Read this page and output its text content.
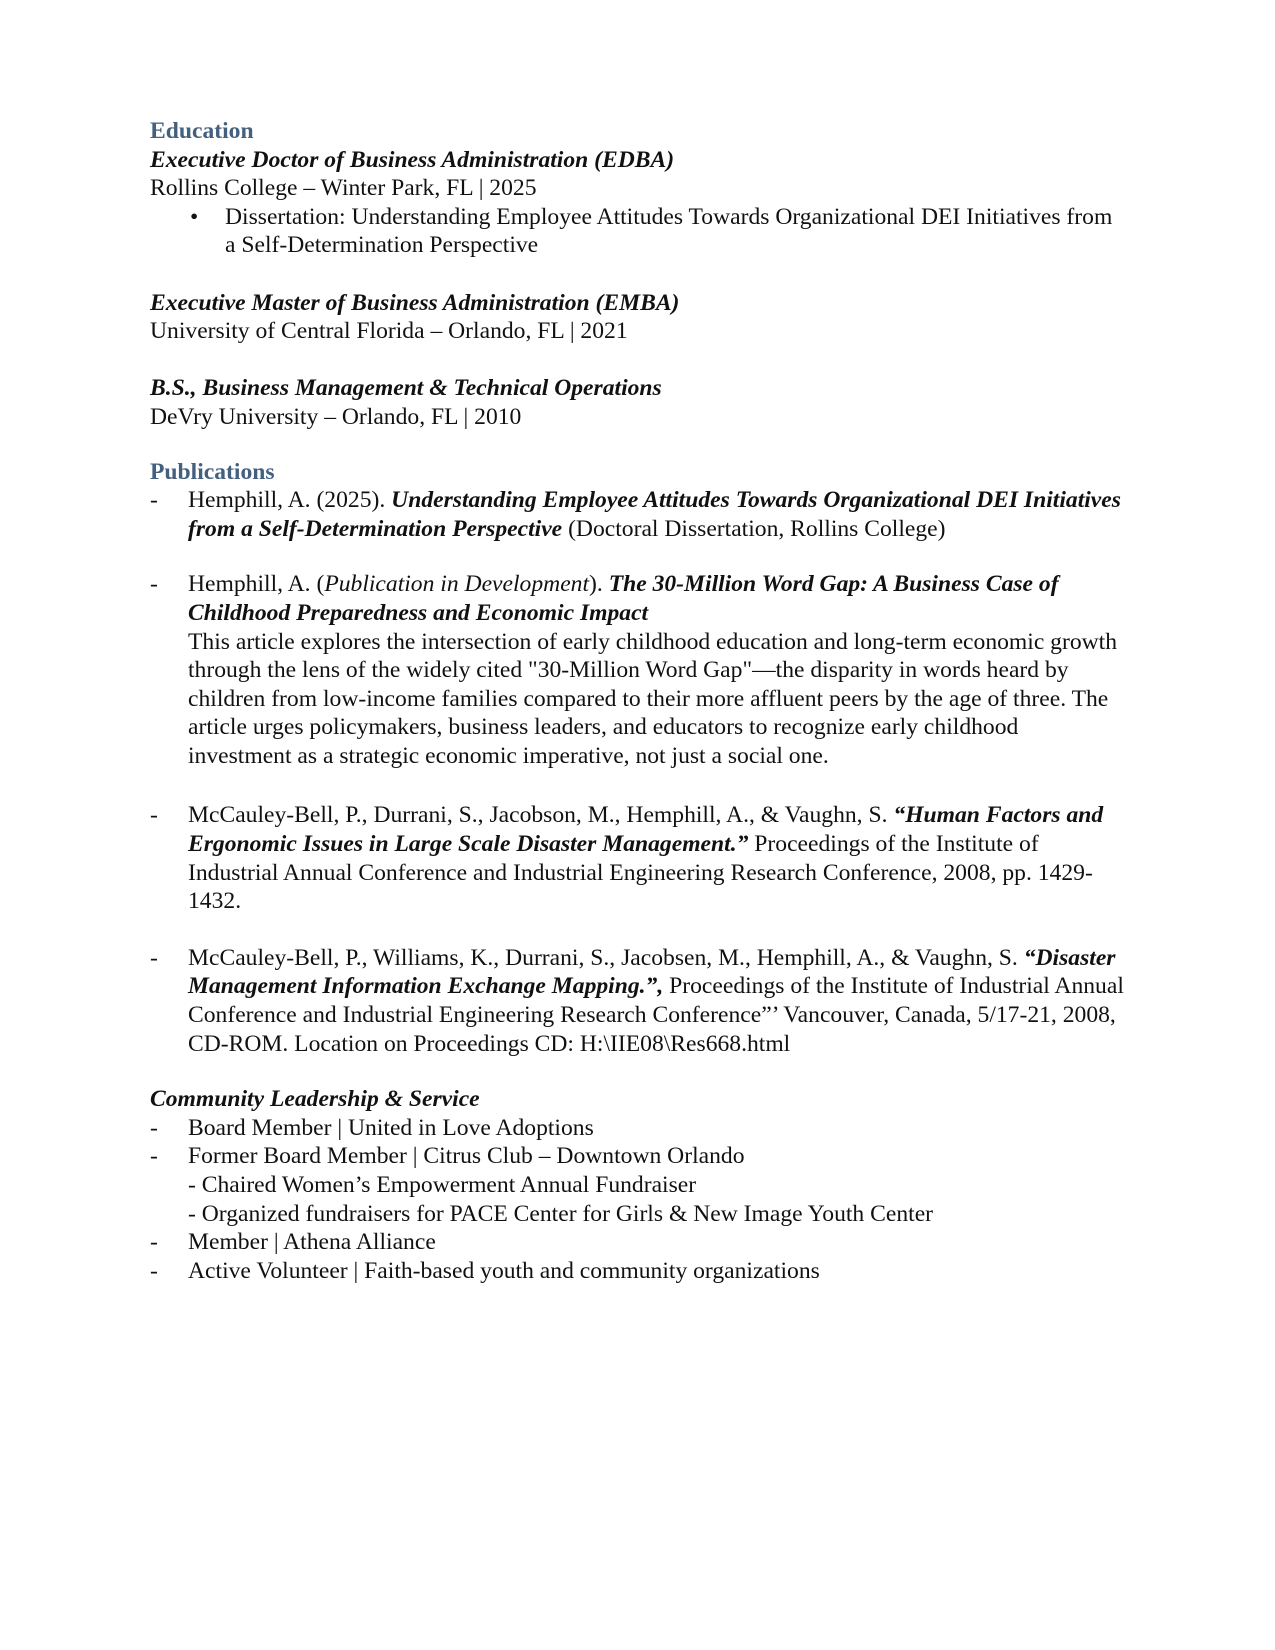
Education
Executive Doctor of Business Administration (EDBA)
Rollins College – Winter Park, FL | 2025
• Dissertation: Understanding Employee Attitudes Towards Organizational DEI Initiatives from a Self-Determination Perspective
Executive Master of Business Administration (EMBA)
University of Central Florida – Orlando, FL | 2021
B.S., Business Management & Technical Operations
DeVry University – Orlando, FL | 2010
Publications
- Hemphill, A. (2025). Understanding Employee Attitudes Towards Organizational DEI Initiatives from a Self-Determination Perspective (Doctoral Dissertation, Rollins College)
- Hemphill, A. (Publication in Development). The 30-Million Word Gap: A Business Case of Childhood Preparedness and Economic Impact
This article explores the intersection of early childhood education and long-term economic growth through the lens of the widely cited "30-Million Word Gap"—the disparity in words heard by children from low-income families compared to their more affluent peers by the age of three. The article urges policymakers, business leaders, and educators to recognize early childhood investment as a strategic economic imperative, not just a social one.
- McCauley-Bell, P., Durrani, S., Jacobson, M., Hemphill, A., & Vaughn, S. “Human Factors and Ergonomic Issues in Large Scale Disaster Management.” Proceedings of the Institute of Industrial Annual Conference and Industrial Engineering Research Conference, 2008, pp. 1429-1432.
- McCauley-Bell, P., Williams, K., Durrani, S., Jacobsen, M., Hemphill, A., & Vaughn, S. “Disaster Management Information Exchange Mapping.”, Proceedings of the Institute of Industrial Annual Conference and Industrial Engineering Research Conference”’ Vancouver, Canada, 5/17-21, 2008, CD-ROM. Location on Proceedings CD: H:\IIE08\Res668.html
Community Leadership & Service
- Board Member | United in Love Adoptions
- Former Board Member | Citrus Club – Downtown Orlando
- Chaired Women’s Empowerment Annual Fundraiser
- Organized fundraisers for PACE Center for Girls & New Image Youth Center
- Member | Athena Alliance
- Active Volunteer | Faith-based youth and community organizations
